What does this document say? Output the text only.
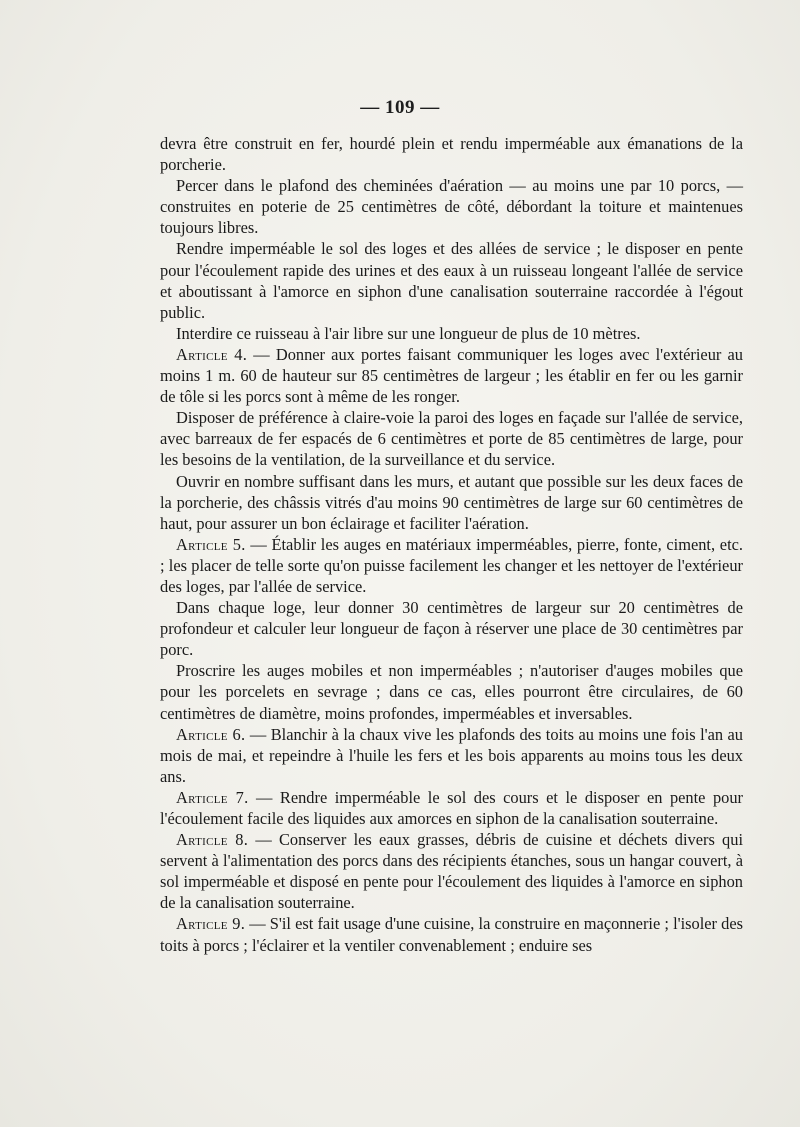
— 109 —

devra être construit en fer, hourdé plein et rendu imperméable aux émanations de la porcherie.

Percer dans le plafond des cheminées d'aération — au moins une par 10 porcs, — construites en poterie de 25 centimètres de côté, débordant la toiture et maintenues toujours libres.

Rendre imperméable le sol des loges et des allées de service ; le disposer en pente pour l'écoulement rapide des urines et des eaux à un ruisseau longeant l'allée de service et aboutissant à l'amorce en siphon d'une canalisation souterraine raccordée à l'égout public.

Interdire ce ruisseau à l'air libre sur une longueur de plus de 10 mètres.

Article 4. — Donner aux portes faisant communiquer les loges avec l'extérieur au moins 1 m. 60 de hauteur sur 85 centimètres de largeur ; les établir en fer ou les garnir de tôle si les porcs sont à même de les ronger.

Disposer de préférence à claire-voie la paroi des loges en façade sur l'allée de service, avec barreaux de fer espacés de 6 centimètres et porte de 85 centimètres de large, pour les besoins de la ventilation, de la surveillance et du service.

Ouvrir en nombre suffisant dans les murs, et autant que possible sur les deux faces de la porcherie, des châssis vitrés d'au moins 90 centimètres de large sur 60 centimètres de haut, pour assurer un bon éclairage et faciliter l'aération.

Article 5. — Établir les auges en matériaux imperméables, pierre, fonte, ciment, etc. ; les placer de telle sorte qu'on puisse facilement les changer et les nettoyer de l'extérieur des loges, par l'allée de service.

Dans chaque loge, leur donner 30 centimètres de largeur sur 20 centimètres de profondeur et calculer leur longueur de façon à réserver une place de 30 centimètres par porc.

Proscrire les auges mobiles et non imperméables ; n'autoriser d'auges mobiles que pour les porcelets en sevrage ; dans ce cas, elles pourront être circulaires, de 60 centimètres de diamètre, moins profondes, imperméables et inversables.

Article 6. — Blanchir à la chaux vive les plafonds des toits au moins une fois l'an au mois de mai, et repeindre à l'huile les fers et les bois apparents au moins tous les deux ans.

Article 7. — Rendre imperméable le sol des cours et le disposer en pente pour l'écoulement facile des liquides aux amorces en siphon de la canalisation souterraine.

Article 8. — Conserver les eaux grasses, débris de cuisine et déchets divers qui servent à l'alimentation des porcs dans des récipients étanches, sous un hangar couvert, à sol imperméable et disposé en pente pour l'écoulement des liquides à l'amorce en siphon de la canalisation souterraine.

Article 9. — S'il est fait usage d'une cuisine, la construire en maçonnerie ; l'isoler des toits à porcs ; l'éclairer et la ventiler convenablement ; enduire ses
